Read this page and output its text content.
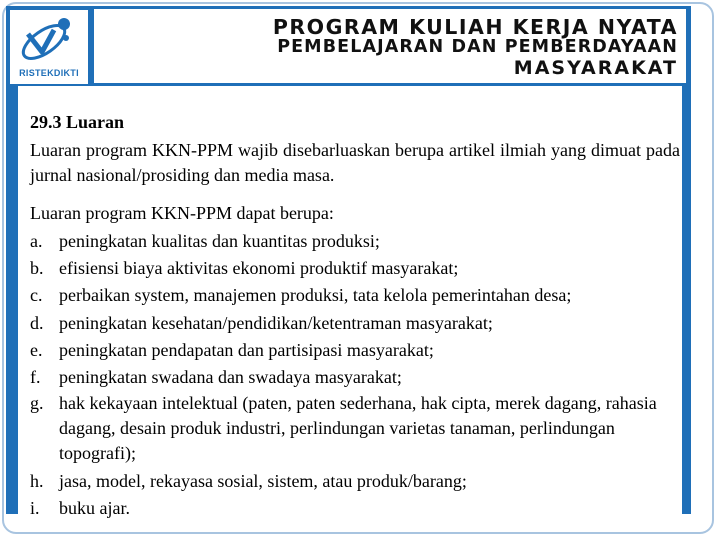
RISTEKDIKTI
PROGRAM KULIAH KERJA NYATA
PEMBELAJARAN DAN PEMBERDAYAAN
MASYARAKAT
29.3 Luaran
Luaran program KKN-PPM wajib disebarluaskan berupa artikel ilmiah yang dimuat pada jurnal nasional/prosiding dan media masa.
Luaran program KKN-PPM dapat berupa:
a. peningkatan kualitas dan kuantitas produksi;
b. efisiensi biaya aktivitas ekonomi produktif masyarakat;
c. perbaikan system, manajemen produksi, tata kelola pemerintahan desa;
d. peningkatan kesehatan/pendidikan/ketentraman masyarakat;
e. peningkatan pendapatan dan partisipasi masyarakat;
f. peningkatan swadana dan swadaya masyarakat;
g. hak kekayaan intelektual (paten, paten sederhana, hak cipta, merek dagang, rahasia dagang, desain produk industri, perlindungan varietas tanaman, perlindungan topografi);
h. jasa, model, rekayasa sosial, sistem, atau produk/barang;
i. buku ajar.
